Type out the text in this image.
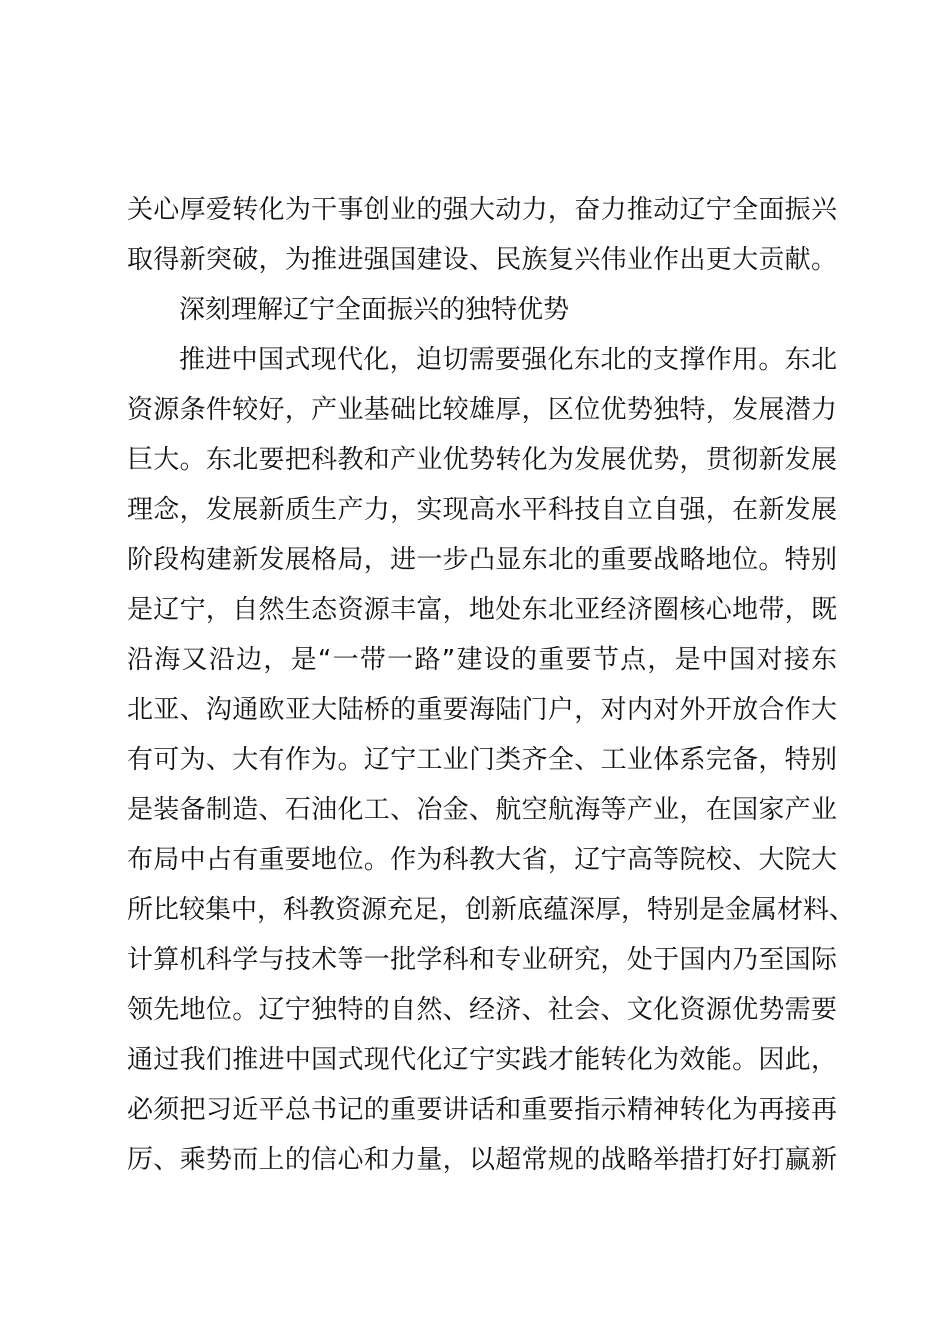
关心厚爱转化为干事创业的强大动力，奋力推动辽宁全面振兴
取得新突破，为推进强国建设、民族复兴伟业作出更大贡献。
深刻理解辽宁全面振兴的独特优势
推进中国式现代化，迫切需要强化东北的支撑作用。东北
资源条件较好，产业基础比较雄厚，区位优势独特，发展潜力
巨大。东北要把科教和产业优势转化为发展优势，贯彻新发展
理念，发展新质生产力，实现高水平科技自立自强，在新发展
阶段构建新发展格局，进一步凸显东北的重要战略地位。特别
是辽宁，自然生态资源丰富，地处东北亚经济圈核心地带，既
沿海又沿边，是“一带一路”建设的重要节点，是中国对接东
北亚、沟通欧亚大陆桥的重要海陆门户，对内对外开放合作大
有可为、大有作为。辽宁工业门类齐全、工业体系完备，特别
是装备制造、石油化工、冶金、航空航海等产业，在国家产业
布局中占有重要地位。作为科教大省，辽宁高等院校、大院大
所比较集中，科教资源充足，创新底蕴深厚，特别是金属材料、
计算机科学与技术等一批学科和专业研究，处于国内乃至国际
领先地位。辽宁独特的自然、经济、社会、文化资源优势需要
通过我们推进中国式现代化辽宁实践才能转化为效能。因此，
必须把习近平总书记的重要讲话和重要指示精神转化为再接再
厉、乘势而上的信心和力量，以超常规的战略举措打好打赢新
